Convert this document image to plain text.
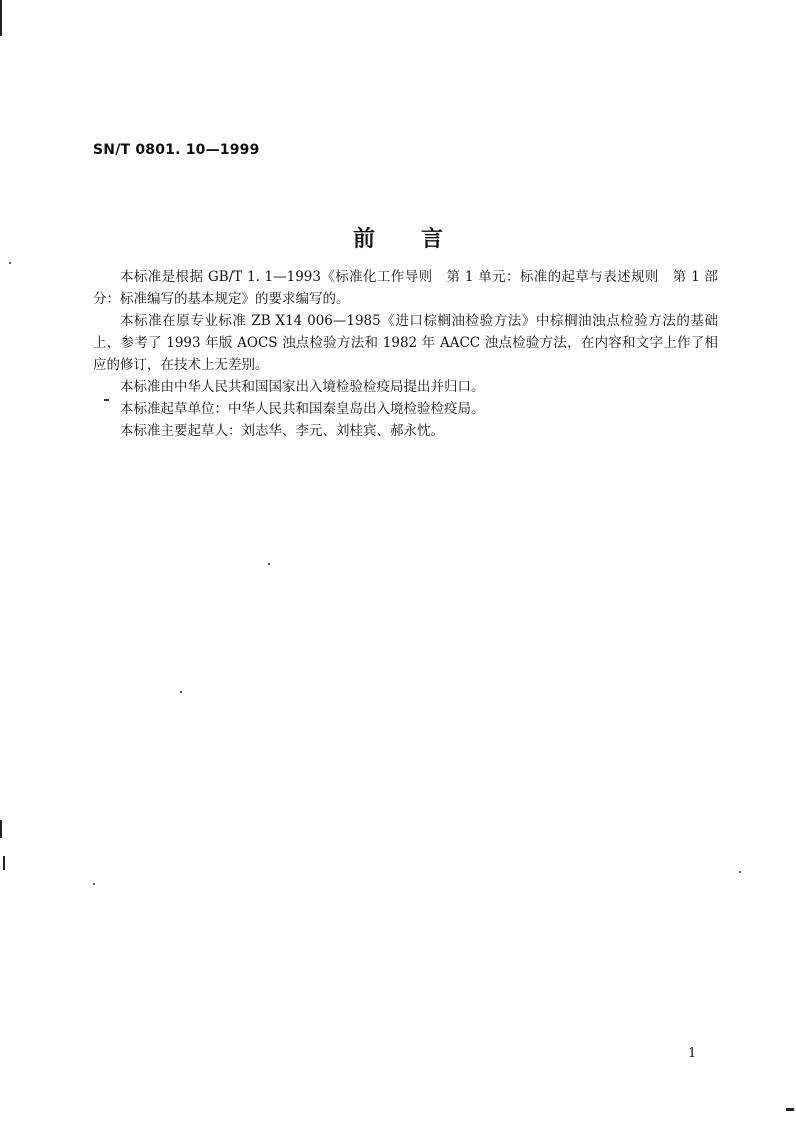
SN/T 0801. 10—1999
前言

本标准是根据 GB/T 1. 1—1993《标准化工作导则　第 1 单元：标准的起草与表述规则　第 1 部分：标准编写的基本规定》的要求编写的。

本标准在原专业标准 ZB X14 006—1985《进口棕榈油检验方法》中棕榈油浊点检验方法的基础上，参考了 1993 年版 AOCS 浊点检验方法和 1982 年 AACC 浊点检验方法，在内容和文字上作了相应的修订，在技术上无差别。

本标准由中华人民共和国国家出入境检验检疫局提出并归口。

本标准起草单位：中华人民共和国秦皇岛出入境检验检疫局。

本标准主要起草人：刘志华、李元、刘桂宾、郝永忱。

1
